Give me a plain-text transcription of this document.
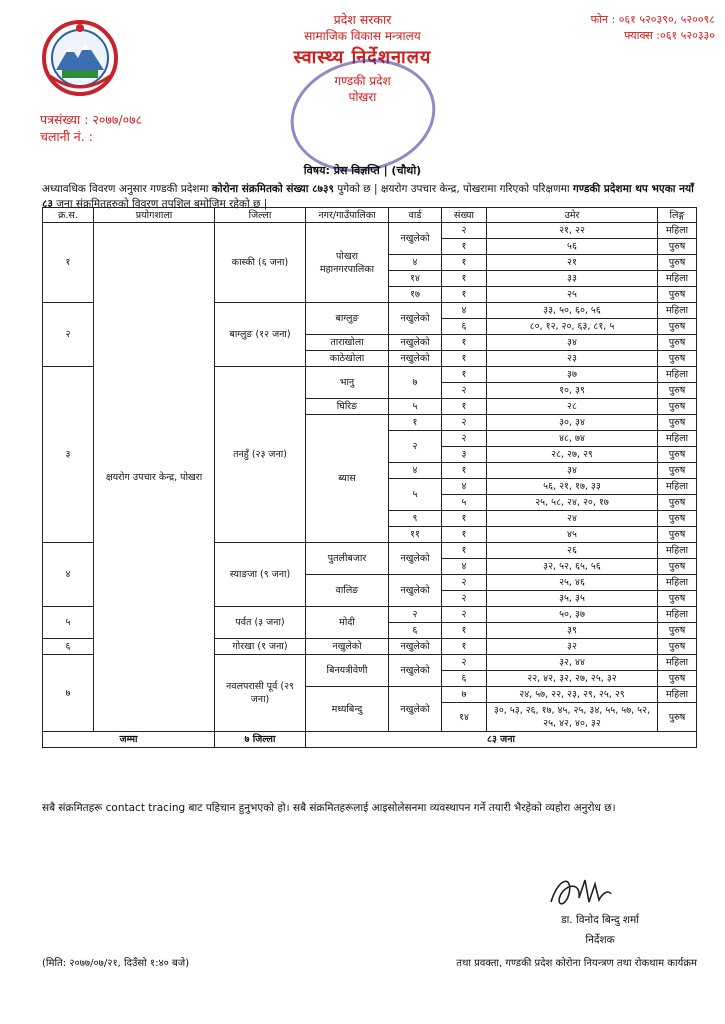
प्रदेश सरकार
सामाजिक विकास मन्त्रालय
स्वास्थ्य निर्देशनालय
गण्डकी प्रदेश
पोखरा
फोन : ०६१ ५२०३९०, ५२००९८
फ्याक्स :०६१ ५२०३३०
पत्रसंख्या : २०७७/०७८
चलानी नं. :
विषय: प्रेस विज्ञप्ति | (चौथो)
अध्यावधिक विवरण अनुसार गण्डकी प्रदेशमा कोरोना संक्रमितको संख्या ८७३९ पुगेको छ | क्षयरोग उपचार केन्द्र, पोखरामा गरिएको परिक्षणमा गण्डकी प्रदेशमा थप भएका नयाँ ८३ जना संक्रमितहरुको विवरण तपशिल बमोजिम रहेको छ |
क्र.स.	प्रयोगशाला	जिल्ला	नगर/गाउँपालिका	वार्ड	संख्या	उमेर	लिङ्ग
१	क्षयरोग उपचार केन्द्र, पोखरा	कास्की (६ जना)	पोखरा महानगरपालिका	नखुलेको	२	२१, २२	महिला
					१	५६	पुरुष
				४	१	२१	पुरुष
				१४	१	३३	महिला
				१७	१	२५	पुरुष
२		बाग्लुङ (१२ जना)	बाग्लुङ	नखुलेको	४	३३, ५०, ६०, ५६	महिला
					६	८०, १२, २०, ६३, ८१, ५	पुरुष
			ताराखोला	नखुलेको	१	३४	पुरुष
			काठेखोला	नखुलेको	१	२३	पुरुष
३		तनहुँ (२३ जना)	भानु	७	१	३७	महिला
					२	१०, ३९	पुरुष
			घिरिङ	५	१	२८	पुरुष
			ब्यास	१	२	३०, ३४	पुरुष
				२	२	४८, ७४	महिला
					३	२८, २७, २९	पुरुष
				४	१	३४	पुरुष
				५	४	५६, २१, १७, ३३	महिला
					५	२५, ५८, २४, २०, १७	पुरुष
				९	१	२४	पुरुष
				११	१	४५	पुरुष
४		स्याङजा (९ जना)	पुतलीबजार	नखुलेको	१	२६	महिला
					४	३२, ५२, ६५, ५६	पुरुष
			वालिङ	नखुलेको	२	२५, ४६	महिला
					२	३५, ३५	पुरुष
५		पर्वत (३ जना)	मोदी	२	२	५०, ३७	महिला
				६	१	३९	पुरुष
६		गोरखा (१ जना)	नखुलेको	नखुलेको	१	३२	पुरुष
७		नवलपरासी पूर्व (२९ जना)	बिनयत्रीवेणी	नखुलेको	२	३२, ४४	महिला
					६	२२, ४२, ३२, २७, २५, ३२	पुरुष
			मध्यबिन्दु	नखुलेको	७	२४, ५७, २२, २३, २९, २५, २९	महिला
					१४	३०, ५३, २६, १७, ४५, २५, ३४, ५५, ५७, ५२, २५, ४२, ४०, ३२	पुरुष
जम्मा		७ जिल्ला	८३ जना				
सबै संक्रमितहरू contact tracing बाट पहिचान हुनुभएको हो। सबै संक्रमितहरूलाई आइसोलेसनमा व्यवस्थापन गर्ने तयारी भैरहेको व्यहोरा अनुरोध छ।
डा. विनोद बिन्दु शर्मा
निर्देशक
(मिति: २०७७/०७/२१, दिउँसो १:४० बजे)	तथा प्रवक्ता, गण्डकी प्रदेश कोरोना नियन्त्रण तथा रोकथाम कार्यक्रम
